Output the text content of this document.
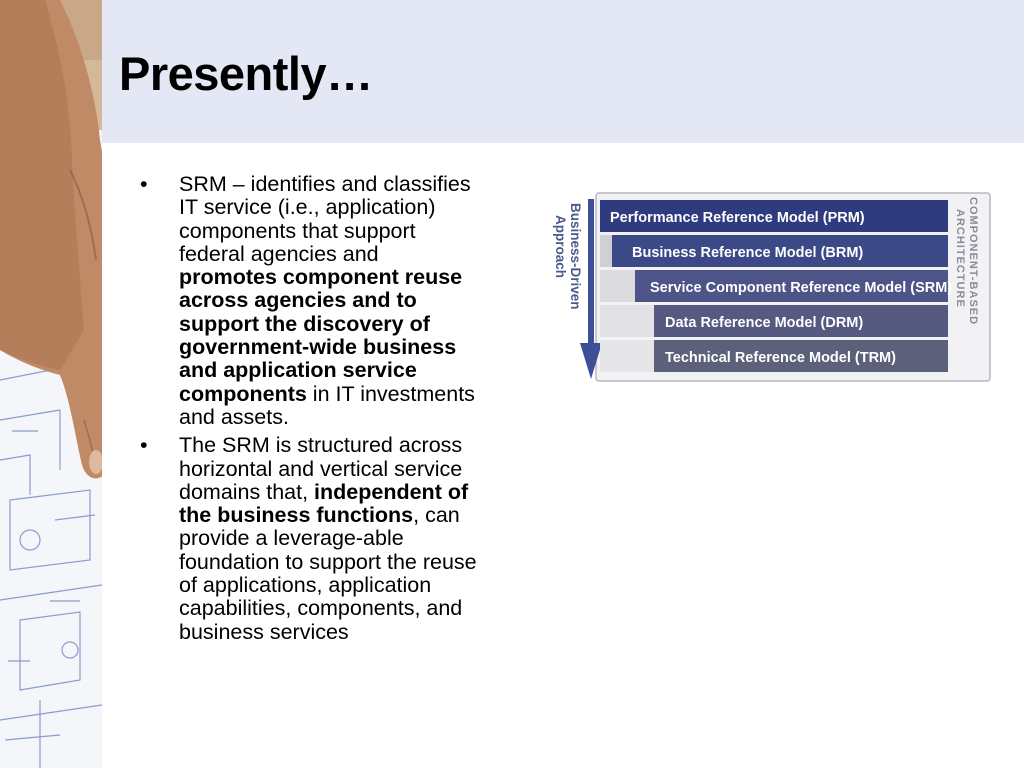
Presently…
• SRM – identifies and classifies IT service (i.e., application) components that support federal agencies and promotes component reuse across agencies and to support the discovery of government-wide business and application service components in IT investments and assets.
• The SRM is structured across horizontal and vertical service domains that, independent of the business functions, can provide a leverage-able foundation to support the reuse of applications, application capabilities, components, and business services
Business-Driven
Approach	Performance Reference Model (PRM)
Business Reference Model (BRM)
Service Component Reference Model (SRM)
Data Reference Model (DRM)
Technical Reference Model (TRM)
COMPONENT-BASED
ARCHITECTURE
